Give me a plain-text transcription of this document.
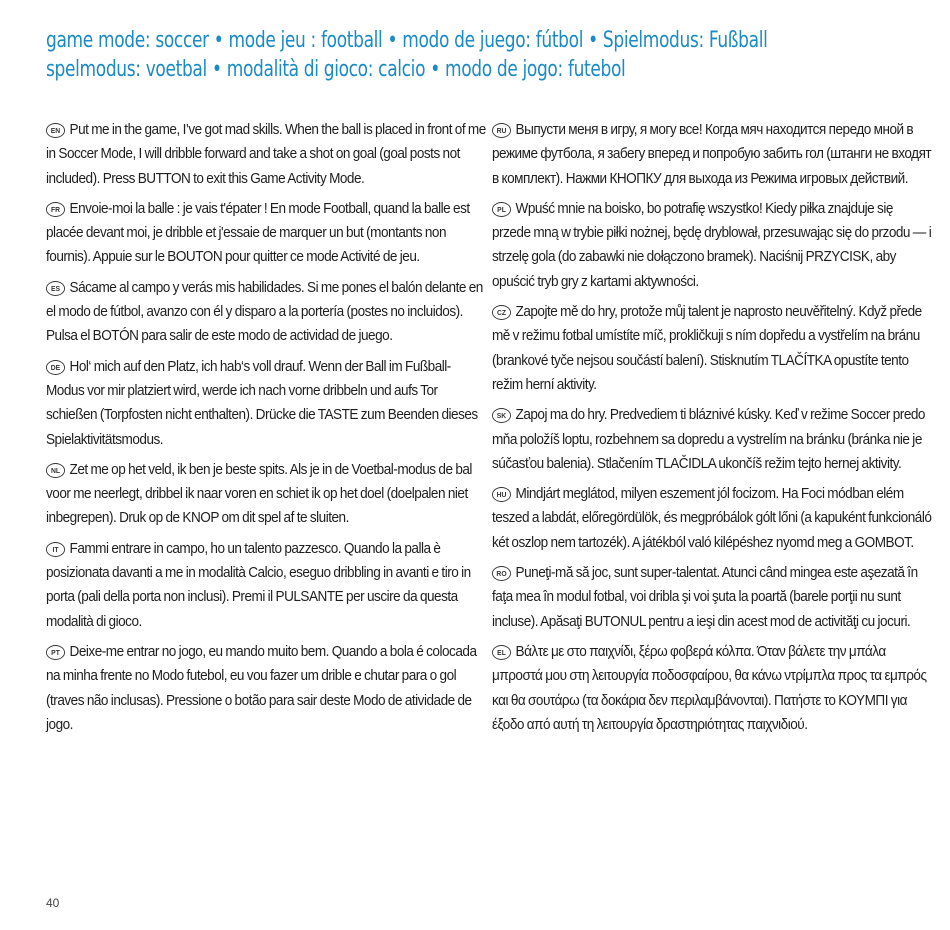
game mode: soccer • mode jeu : football • modo de juego: fútbol • Spielmodus: Fußball
spelmodus: voetbal • modalità di gioco: calcio • modo de jogo: futebol

EN Put me in the game, I’ve got mad skills. When the ball is placed in front of me in Soccer Mode, I will dribble forward and take a shot on goal (goal posts not included). Press BUTTON to exit this Game Activity Mode.

FR Envoie-moi la balle : je vais t'épater ! En mode Football, quand la balle est placée devant moi, je dribble et j'essaie de marquer un but (montants non fournis). Appuie sur le BOUTON pour quitter ce mode Activité de jeu.

ES Sácame al campo y verás mis habilidades. Si me pones el balón delante en el modo de fútbol, avanzo con él y disparo a la portería (postes no incluidos). Pulsa el BOTÓN para salir de este modo de actividad de juego.

DE Hol‘ mich auf den Platz, ich hab‘s voll drauf. Wenn der Ball im Fußball-Modus vor mir platziert wird, werde ich nach vorne dribbeln und aufs Tor schießen (Torpfosten nicht enthalten). Drücke die TASTE zum Beenden dieses Spielaktivitätsmodus.

NL Zet me op het veld, ik ben je beste spits. Als je in de Voetbal-modus de bal voor me neerlegt, dribbel ik naar voren en schiet ik op het doel (doelpalen niet inbegrepen). Druk op de KNOP om dit spel af te sluiten.

IT Fammi entrare in campo, ho un talento pazzesco. Quando la palla è posizionata davanti a me in modalità Calcio, eseguo dribbling in avanti e tiro in porta (pali della porta non inclusi). Premi il PULSANTE per uscire da questa modalità di gioco.

PT Deixe-me entrar no jogo, eu mando muito bem. Quando a bola é colocada na minha frente no Modo futebol, eu vou fazer um drible e chutar para o gol (traves não inclusas). Pressione o botão para sair deste Modo de atividade de jogo.

RU Выпусти меня в игру, я могу все! Когда мяч находится передо мной в режиме футбола, я забегу вперед и попробую забить гол (штанги не входят в комплект). Нажми КНОПКУ для выхода из Режима игровых действий.

PL Wpuść mnie na boisko, bo potrafię wszystko! Kiedy piłka znajduje się przede mną w trybie piłki nożnej, będę dryblował, przesuwając się do przodu — i strzelę gola (do zabawki nie dołączono bramek). Naciśnij PRZYCISK, aby opuścić tryb gry z kartami aktywności.

CZ Zapojte mě do hry, protože můj talent je naprosto neuvěřitelný. Když přede mě v režimu fotbal umístíte míč, prokličkuji s ním dopředu a vystřelím na bránu (brankové tyče nejsou součástí balení). Stisknutím TLAČÍTKA opustíte tento režim herní aktivity.

SK Zapoj ma do hry. Predvediem ti bláznivé kúsky. Keď v režime Soccer predo mňa položíš loptu, rozbehnem sa dopredu a vystrelím na bránku (bránka nie je súčasťou balenia). Stlačením TLAČIDLA ukončíš režim tejto hernej aktivity.

HU Mindjárt meglátod, milyen eszement jól focizom. Ha Foci módban elém teszed a labdát, előregördülök, és megpróbálok gólt lőni (a kapuként funkcionáló két oszlop nem tartozék). A játékból való kilépéshez nyomd meg a GOMBOT.

RO Puneţi-mă să joc, sunt super-talentat. Atunci când mingea este aşezată în faţa mea în modul fotbal, voi dribla şi voi şuta la poartă (barele porţii nu sunt incluse). Apăsaţi BUTONUL pentru a ieşi din acest mod de activităţi cu jocuri.

EL Βάλτε με στο παιχνίδι, ξέρω φοβερά κόλπα. Όταν βάλετε την μπάλα μπροστά μου στη λειτουργία ποδοσφαίρου, θα κάνω ντρίμπλα προς τα εμπρός και θα σουτάρω (τα δοκάρια δεν περιλαμβάνονται). Πατήστε το ΚΟΥΜΠΙ για έξοδο από αυτή τη λειτουργία δραστηριότητας παιχνιδιού.

40
